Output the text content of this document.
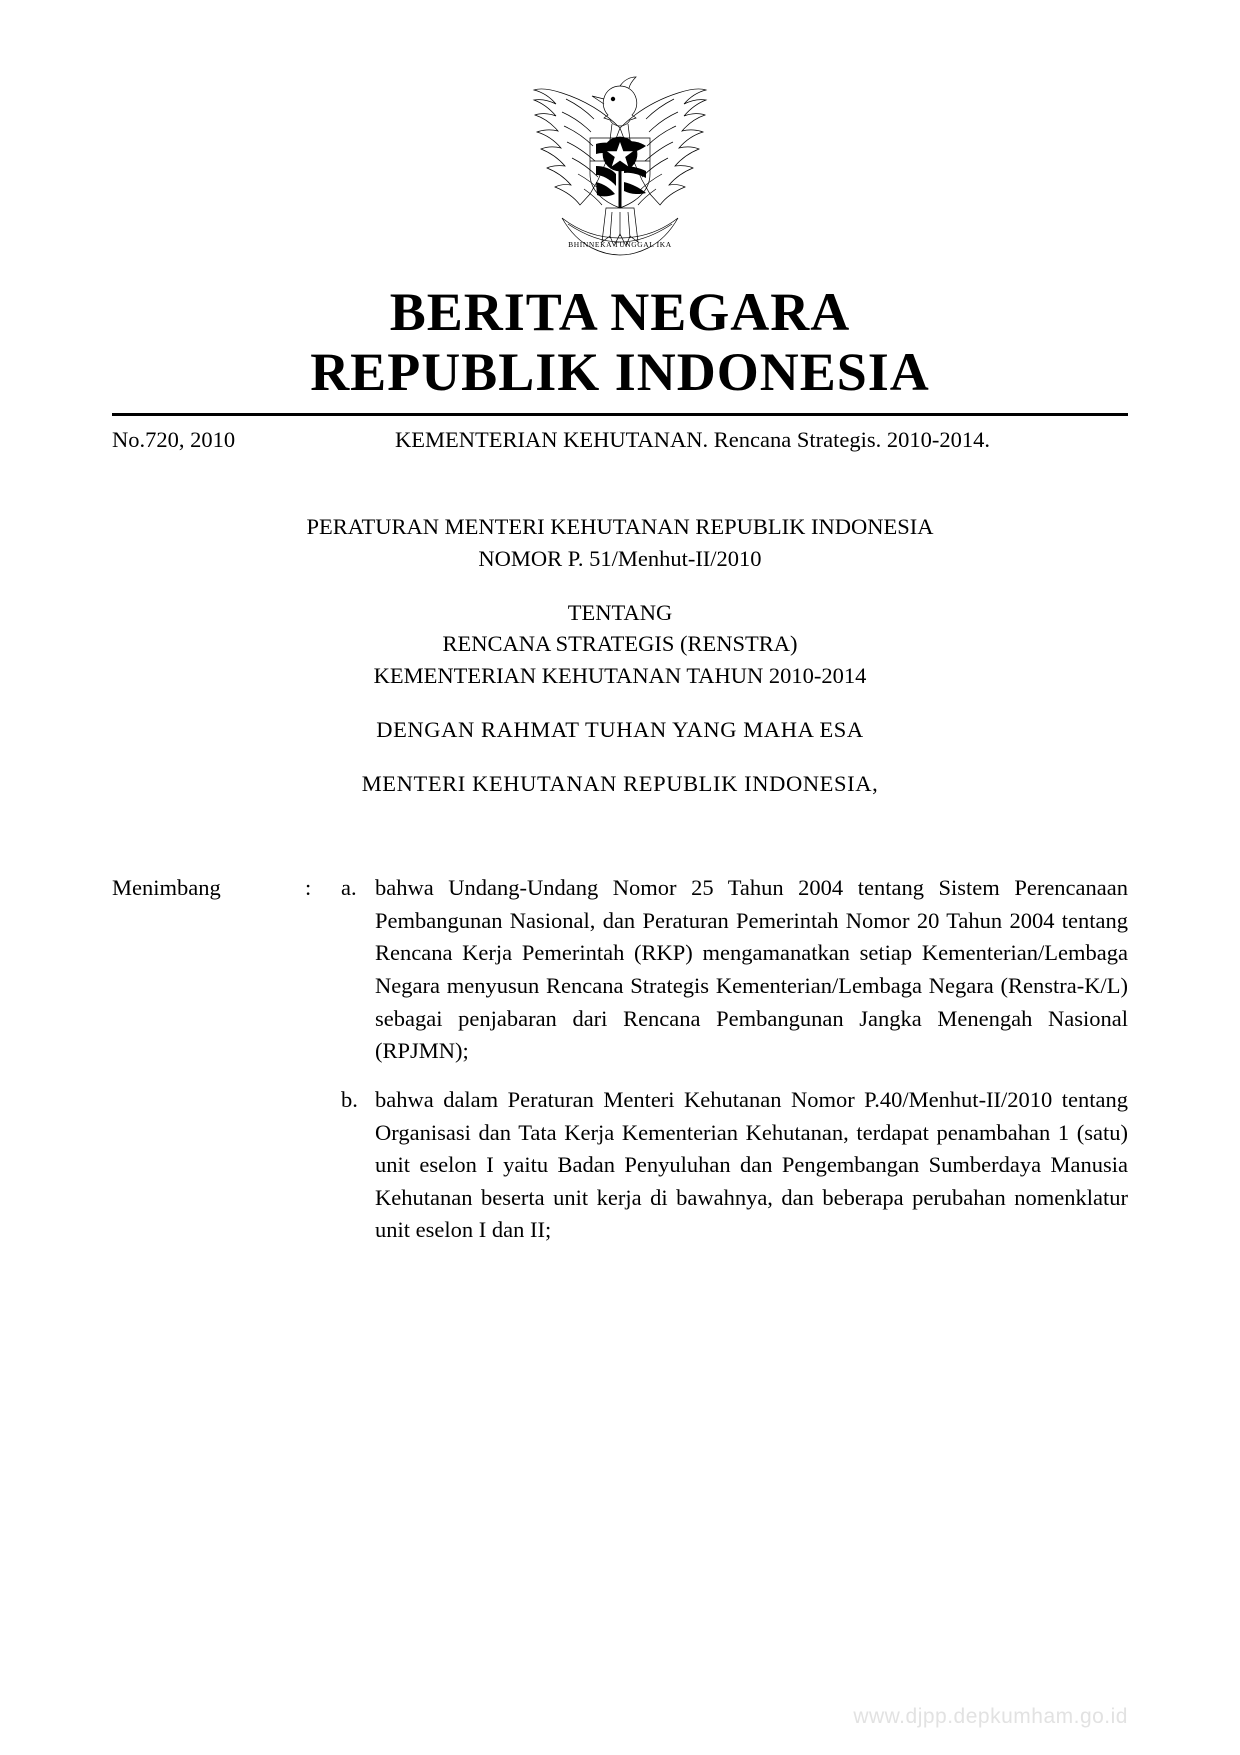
BHINNEKA TUNGGAL IKA
BERITA NEGARA
REPUBLIK INDONESIA
No.720, 2010	KEMENTERIAN KEHUTANAN. Rencana Strategis. 2010-2014.
PERATURAN MENTERI KEHUTANAN REPUBLIK INDONESIA
NOMOR P. 51/Menhut-II/2010
TENTANG
RENCANA STRATEGIS (RENSTRA)
KEMENTERIAN KEHUTANAN TAHUN 2010-2014
DENGAN RAHMAT TUHAN YANG MAHA ESA
MENTERI KEHUTANAN REPUBLIK INDONESIA,
Menimbang	:	a. bahwa Undang-Undang Nomor 25 Tahun 2004 tentang Sistem Perencanaan Pembangunan Nasional, dan Peraturan Pemerintah Nomor 20 Tahun 2004 tentang Rencana Kerja Pemerintah (RKP) mengamanatkan setiap Kementerian/Lembaga Negara menyusun Rencana Strategis Kementerian/Lembaga Negara (Renstra-K/L) sebagai penjabaran dari Rencana Pembangunan Jangka Menengah Nasional (RPJMN);
b. bahwa dalam Peraturan Menteri Kehutanan Nomor P.40/Menhut-II/2010 tentang Organisasi dan Tata Kerja Kementerian Kehutanan, terdapat penambahan 1 (satu) unit eselon I yaitu Badan Penyuluhan dan Pengembangan Sumberdaya Manusia Kehutanan beserta unit kerja di bawahnya, dan beberapa perubahan nomenklatur unit eselon I dan II;
www.djpp.depkumham.go.id
